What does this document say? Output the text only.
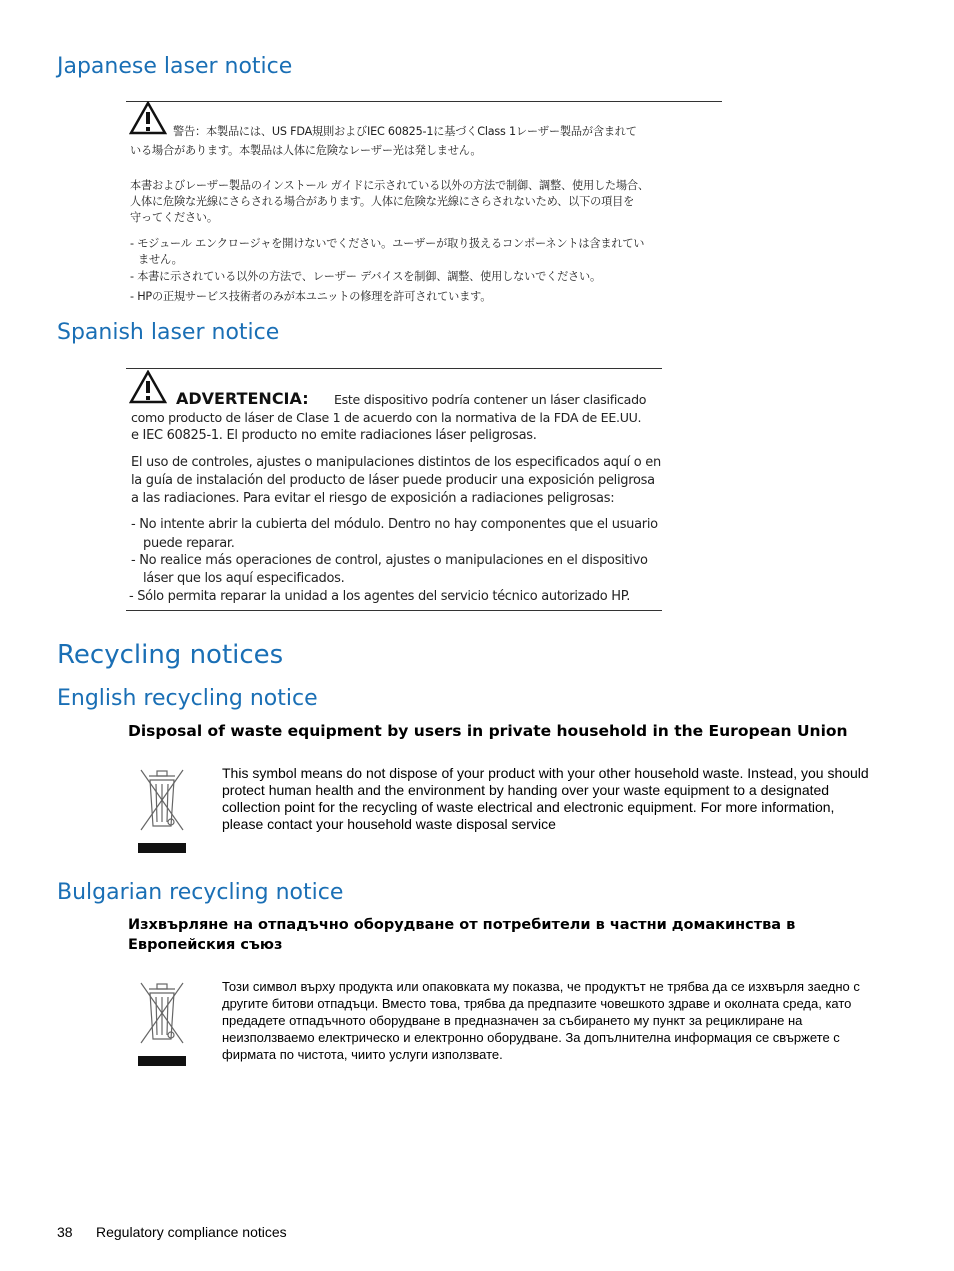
Japanese laser notice
警告：本製品には、US FDA規則およびIEC 60825-1に基づくClass 1レーザー製品が含まれて
いる場合があります。本製品は人体に危険なレーザー光は発しません。
本書およびレーザー製品のインストール ガイドに示されている以外の方法で制御、調整、使用した場合、
人体に危険な光線にさらされる場合があります。人体に危険な光線にさらされないため、以下の項目を
守ってください。
- モジュール エンクロージャを開けないでください。ユーザーが取り扱えるコンポーネントは含まれてい
ません。
- 本書に示されている以外の方法で、レーザー デバイスを制御、調整、使用しないでください。
- HPの正規サービス技術者のみが本ユニットの修理を許可されています。
Spanish laser notice
ADVERTENCIA: Este dispositivo podría contener un láser clasificado
como producto de láser de Clase 1 de acuerdo con la normativa de la FDA de EE.UU.
e IEC 60825-1. El producto no emite radiaciones láser peligrosas.
El uso de controles, ajustes o manipulaciones distintos de los especificados aquí o en
la guía de instalación del producto de láser puede producir una exposición peligrosa
a las radiaciones. Para evitar el riesgo de exposición a radiaciones peligrosas:
- No intente abrir la cubierta del módulo. Dentro no hay componentes que el usuario
puede reparar.
- No realice más operaciones de control, ajustes o manipulaciones en el dispositivo
láser que los aquí especificados.
- Sólo permita reparar la unidad a los agentes del servicio técnico autorizado HP.
Recycling notices
English recycling notice
Disposal of waste equipment by users in private household in the European Union
This symbol means do not dispose of your product with your other household waste. Instead, you should protect human health and the environment by handing over your waste equipment to a designated collection point for the recycling of waste electrical and electronic equipment. For more information, please contact your household waste disposal service
Bulgarian recycling notice
Изхвърляне на отпадъчно оборудване от потребители в частни домакинства в Европейския съюз
Този символ върху продукта или опаковката му показва, че продуктът не трябва да се изхвърля заедно с другите битови отпадъци. Вместо това, трябва да предпазите човешкото здраве и околната среда, като предадете отпадъчното оборудване в предназначен за събирането му пункт за рециклиране на неизползваемо електрическо и електронно оборудване. За допълнителна информация се свържете с фирмата по чистота, чиито услуги използвате.
38 Regulatory compliance notices
